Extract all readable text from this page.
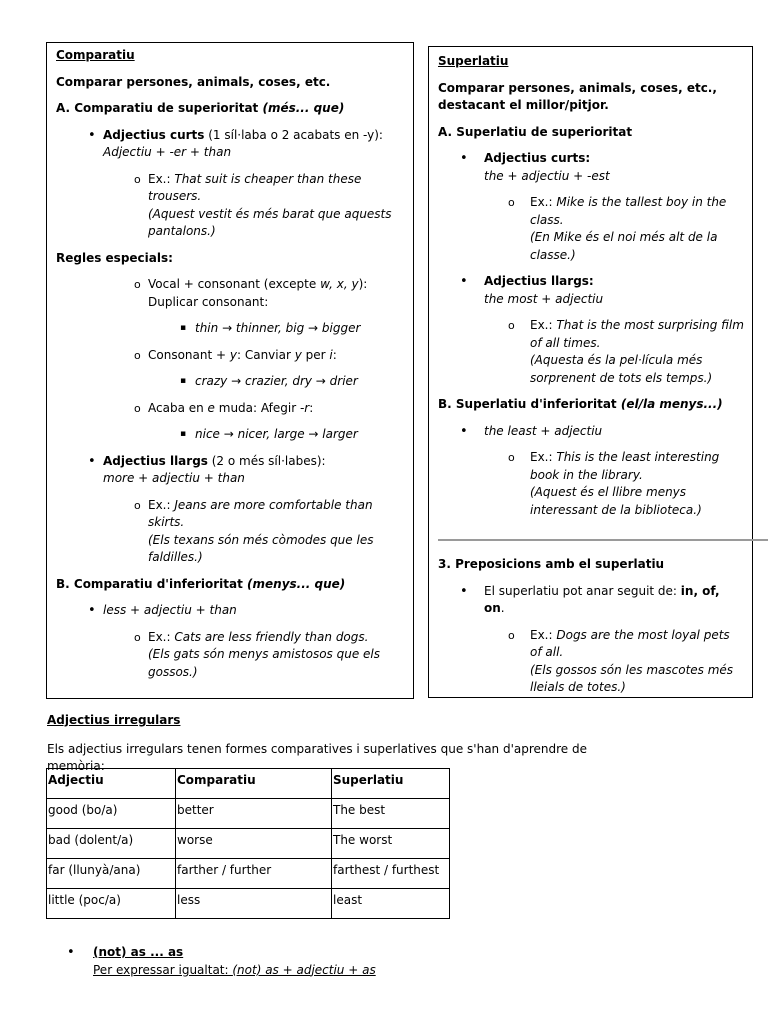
Comparatiu
Comparar persones, animals, coses, etc.
A. Comparatiu de superioritat (més... que)
• Adjectius curts (1 síl·laba o 2 acabats en -y):
Adjectiu + -er + than
o Ex.: That suit is cheaper than these trousers.
(Aquest vestit és més barat que aquests pantalons.)
Regles especials:
o Vocal + consonant (excepte w, x, y):
Duplicar consonant:
▪ thin → thinner, big → bigger
o Consonant + y: Canviar y per i:
▪ crazy → crazier, dry → drier
o Acaba en e muda: Afegir -r:
▪ nice → nicer, large → larger
• Adjectius llargs (2 o més síl·labes):
more + adjectiu + than
o Ex.: Jeans are more comfortable than skirts.
(Els texans són més còmodes que les faldilles.)
B. Comparatiu d'inferioritat (menys... que)
• less + adjectiu + than
o Ex.: Cats are less friendly than dogs.
(Els gats són menys amistosos que els gossos.)
Superlatiu
Comparar persones, animals, coses, etc., destacant el millor/pitjor.
A. Superlatiu de superioritat
• Adjectius curts:
the + adjectiu + -est
o Ex.: Mike is the tallest boy in the class.
(En Mike és el noi més alt de la classe.)
• Adjectius llargs:
the most + adjectiu
o Ex.: That is the most surprising film of all times.
(Aquesta és la pel·lícula més sorprenent de tots els temps.)
B. Superlatiu d'inferioritat (el/la menys...)
• the least + adjectiu
o Ex.: This is the least interesting book in the library.
(Aquest és el llibre menys interessant de la biblioteca.)
3. Preposicions amb el superlatiu
• El superlatiu pot anar seguit de: in, of, on.
o Ex.: Dogs are the most loyal pets of all.
(Els gossos són les mascotes més lleials de totes.)
Adjectius irregulars
Els adjectius irregulars tenen formes comparatives i superlatives que s'han d'aprendre de memòria:
Adjectiu	Comparatiu	Superlatiu
good (bo/a)	better	The best
bad (dolent/a)	worse	The worst
far (llunyà/ana)	farther / further	farthest / furthest
little (poc/a)	less	least
• (not) as ... as
Per expressar igualtat: (not) as + adjectiu + as
